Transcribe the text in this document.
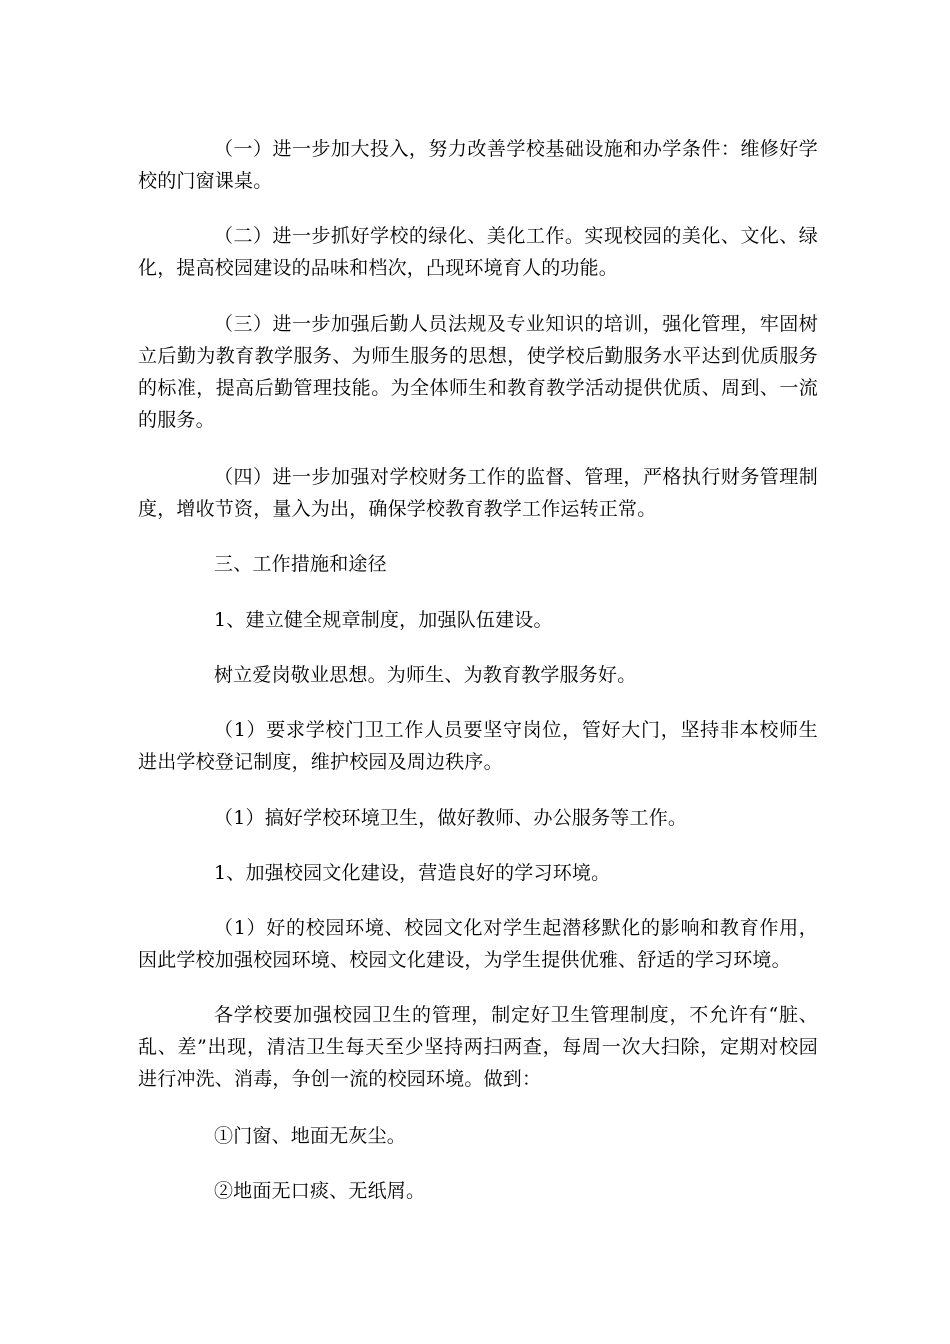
（一）进一步加大投入，努力改善学校基础设施和办学条件：维修好学校的门窗课桌。

（二）进一步抓好学校的绿化、美化工作。实现校园的美化、文化、绿化，提高校园建设的品味和档次，凸现环境育人的功能。

（三）进一步加强后勤人员法规及专业知识的培训，强化管理，牢固树立后勤为教育教学服务、为师生服务的思想，使学校后勤服务水平达到优质服务的标准，提高后勤管理技能。为全体师生和教育教学活动提供优质、周到、一流的服务。

（四）进一步加强对学校财务工作的监督、管理，严格执行财务管理制度，增收节资，量入为出，确保学校教育教学工作运转正常。

三、工作措施和途径

1、建立健全规章制度，加强队伍建设。

树立爱岗敬业思想。为师生、为教育教学服务好。

（1）要求学校门卫工作人员要坚守岗位，管好大门，坚持非本校师生进出学校登记制度，维护校园及周边秩序。

（1）搞好学校环境卫生，做好教师、办公服务等工作。

1、加强校园文化建设，营造良好的学习环境。

（1）好的校园环境、校园文化对学生起潜移默化的影响和教育作用，因此学校加强校园环境、校园文化建设，为学生提供优雅、舒适的学习环境。

各学校要加强校园卫生的管理，制定好卫生管理制度，不允许有“脏、乱、差”出现，清洁卫生每天至少坚持两扫两查，每周一次大扫除，定期对校园进行冲洗、消毒，争创一流的校园环境。做到：

①门窗、地面无灰尘。

②地面无口痰、无纸屑。
